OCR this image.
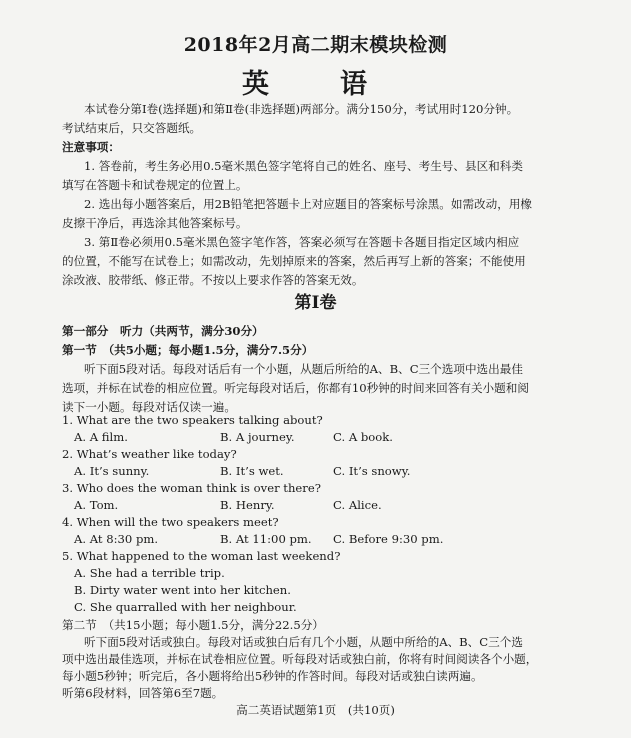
2018年2月高二期末模块检测
英　语
本试卷分第Ⅰ卷(选择题)和第Ⅱ卷(非选择题)两部分。满分150分，考试用时120分钟。
考试结束后，只交答题纸。
注意事项：
1. 答卷前，考生务必用0.5毫米黑色签字笔将自己的姓名、座号、考生号、县区和科类
填写在答题卡和试卷规定的位置上。
2. 选出每小题答案后，用2B铅笔把答题卡上对应题目的答案标号涂黑。如需改动，用橡
皮擦干净后，再选涂其他答案标号。
3. 第Ⅱ卷必须用0.5毫米黑色签字笔作答，答案必须写在答题卡各题目指定区域内相应
的位置，不能写在试卷上；如需改动，先划掉原来的答案，然后再写上新的答案；不能使用
涂改液、胶带纸、修正带。不按以上要求作答的答案无效。
第Ⅰ卷
第一部分　听力（共两节，满分30分）
第一节　（共5小题；每小题1.5分，满分7.5分）
听下面5段对话。每段对话后有一个小题，从题后所给的A、B、C三个选项中选出最佳
选项，并标在试卷的相应位置。听完每段对话后，你都有10秒钟的时间来回答有关小题和阅
读下一小题。每段对话仅读一遍。
1. What are the two speakers talking about?
A. A film.	B. A journey.	C. A book.
2. What’s weather like today?
A. It’s sunny.	B. It’s wet.	C. It’s snowy.
3. Who does the woman think is over there?
A. Tom.	B. Henry.	C. Alice.
4. When will the two speakers meet?
A. At 8:30 pm.	B. At 11:00 pm. C. Before 9:30 pm.
5. What happened to the woman last weekend?
A. She had a terrible trip.
B. Dirty water went into her kitchen.
C. She quarralled with her neighbour.
第二节　（共15小题；每小题1.5分，满分22.5分）
听下面5段对话或独白。每段对话或独白后有几个小题，从题中所给的A、B、C三个选
项中选出最佳选项，并标在试卷相应位置。听每段对话或独白前，你将有时间阅读各个小题，
每小题5秒钟；听完后，各小题将给出5秒钟的作答时间。每段对话或独白读两遍。
听第6段材料，回答第6至7题。
高二英语试题第1页　(共10页)
